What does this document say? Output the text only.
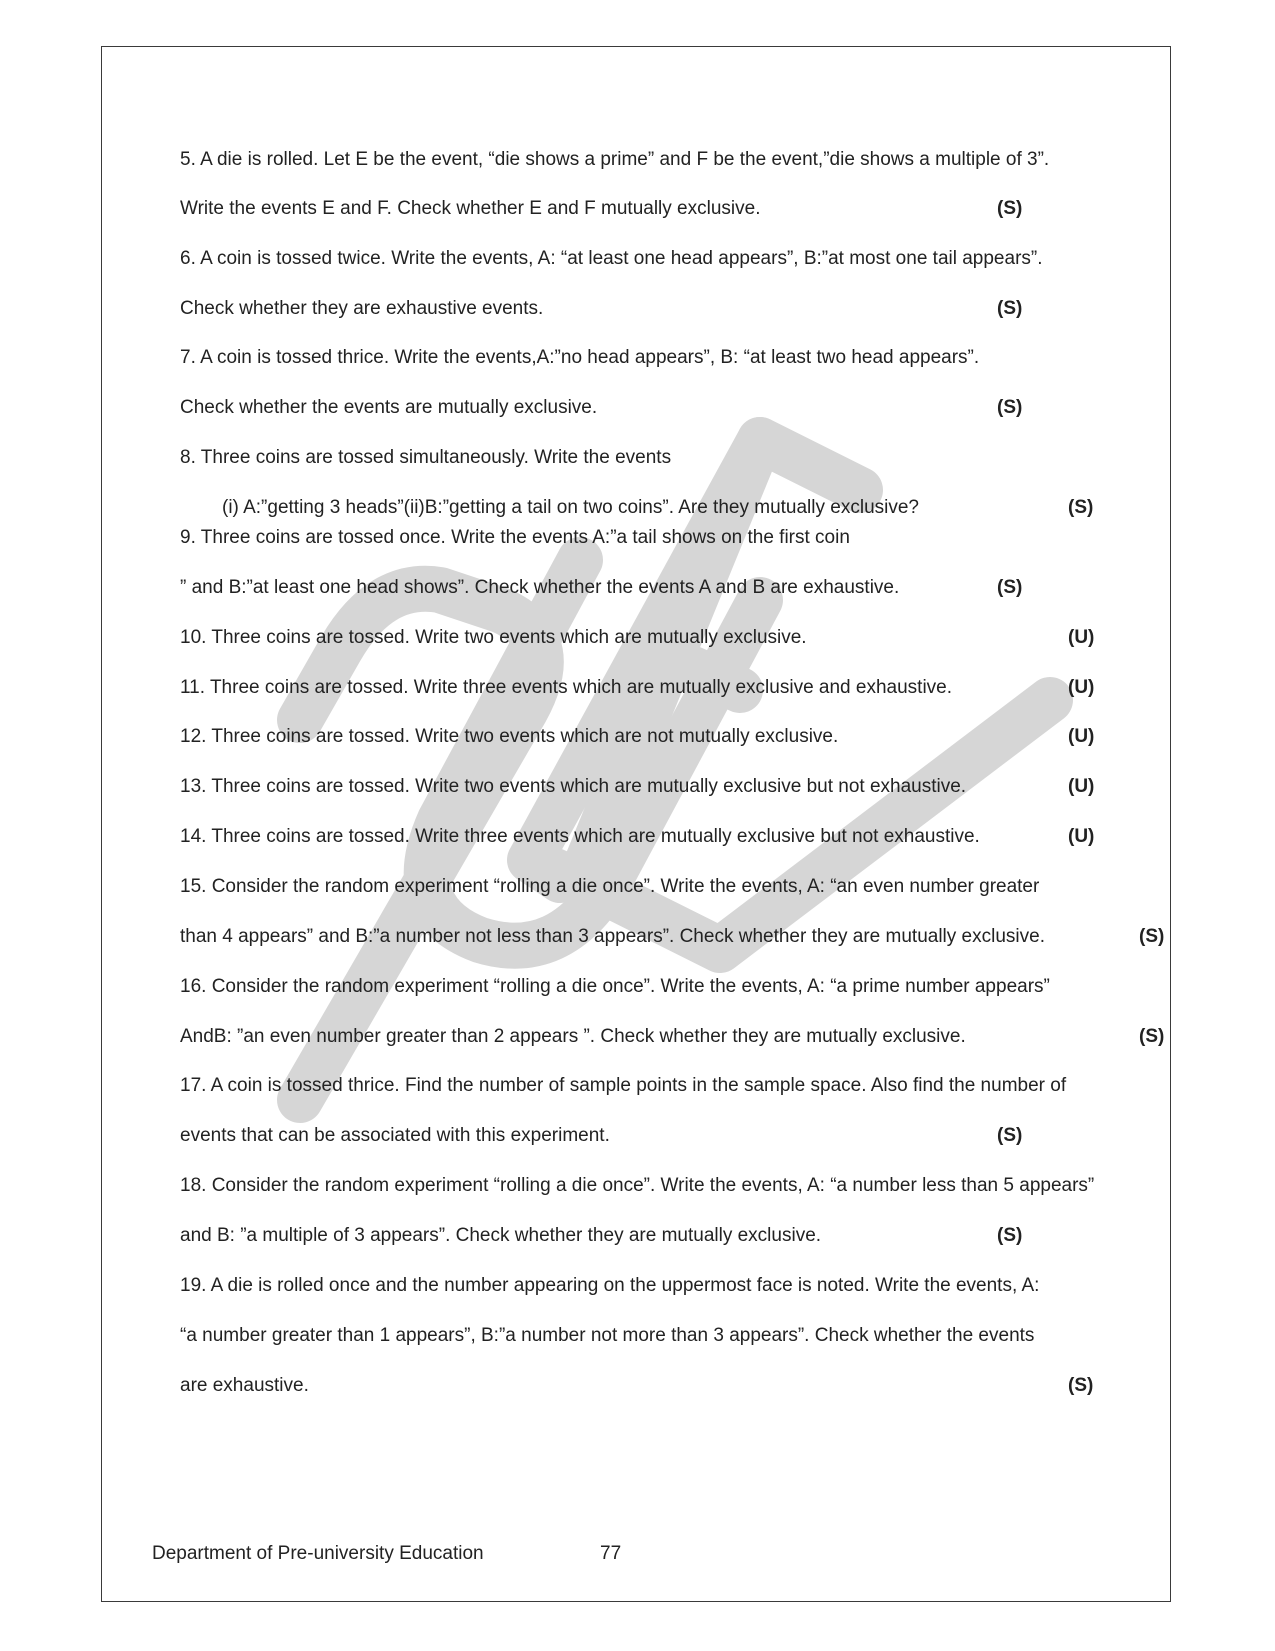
5. A die is rolled. Let E be the event, “die shows a prime” and F be the event,”die shows a multiple of 3”.
Write the events E and F. Check whether E and F mutually exclusive.	(S)
6. A coin is tossed twice. Write the events, A: “at least one head appears”, B:”at most one tail appears”.
Check whether they are exhaustive events.	(S)
7. A coin is tossed thrice. Write the events,A:”no head appears”, B: “at least two head appears”.
Check whether the events are mutually exclusive.	(S)
8. Three coins are tossed simultaneously. Write the events
(i) A:”getting 3 heads”(ii)B:”getting a tail on two coins”. Are they mutually exclusive?	(S)
9. Three coins are tossed once. Write the events A:”a tail shows on the first coin
” and B:”at least one head shows”. Check whether the events A and B are exhaustive.	(S)
10. Three coins are tossed. Write two events which are mutually exclusive.	(U)
11. Three coins are tossed. Write three events which are mutually exclusive and exhaustive.	(U)
12. Three coins are tossed. Write two events which are not mutually exclusive.	(U)
13. Three coins are tossed. Write two events which are mutually exclusive but not exhaustive.	(U)
14. Three coins are tossed. Write three events which are mutually exclusive but not exhaustive.	(U)
15. Consider the random experiment “rolling a die once”. Write the events, A: “an even number greater
than 4 appears” and B:”a number not less than 3 appears”. Check whether they are mutually exclusive.	(S)
16. Consider the random experiment “rolling a die once”. Write the events, A: “a prime number appears”
AndB: ”an even number greater than 2 appears ”. Check whether they are mutually exclusive.	(S)
17. A coin is tossed thrice. Find the number of sample points in the sample space. Also find the number of
events that can be associated with this experiment.	(S)
18. Consider the random experiment “rolling a die once”. Write the events, A: “a number less than 5 appears”
and B: ”a multiple of 3 appears”. Check whether they are mutually exclusive.	(S)
19. A die is rolled once and the number appearing on the uppermost face is noted. Write the events, A:
“a number greater than 1 appears”, B:”a number not more than 3 appears”. Check whether the events
are exhaustive.	(S)
Department of Pre-university Education	77
